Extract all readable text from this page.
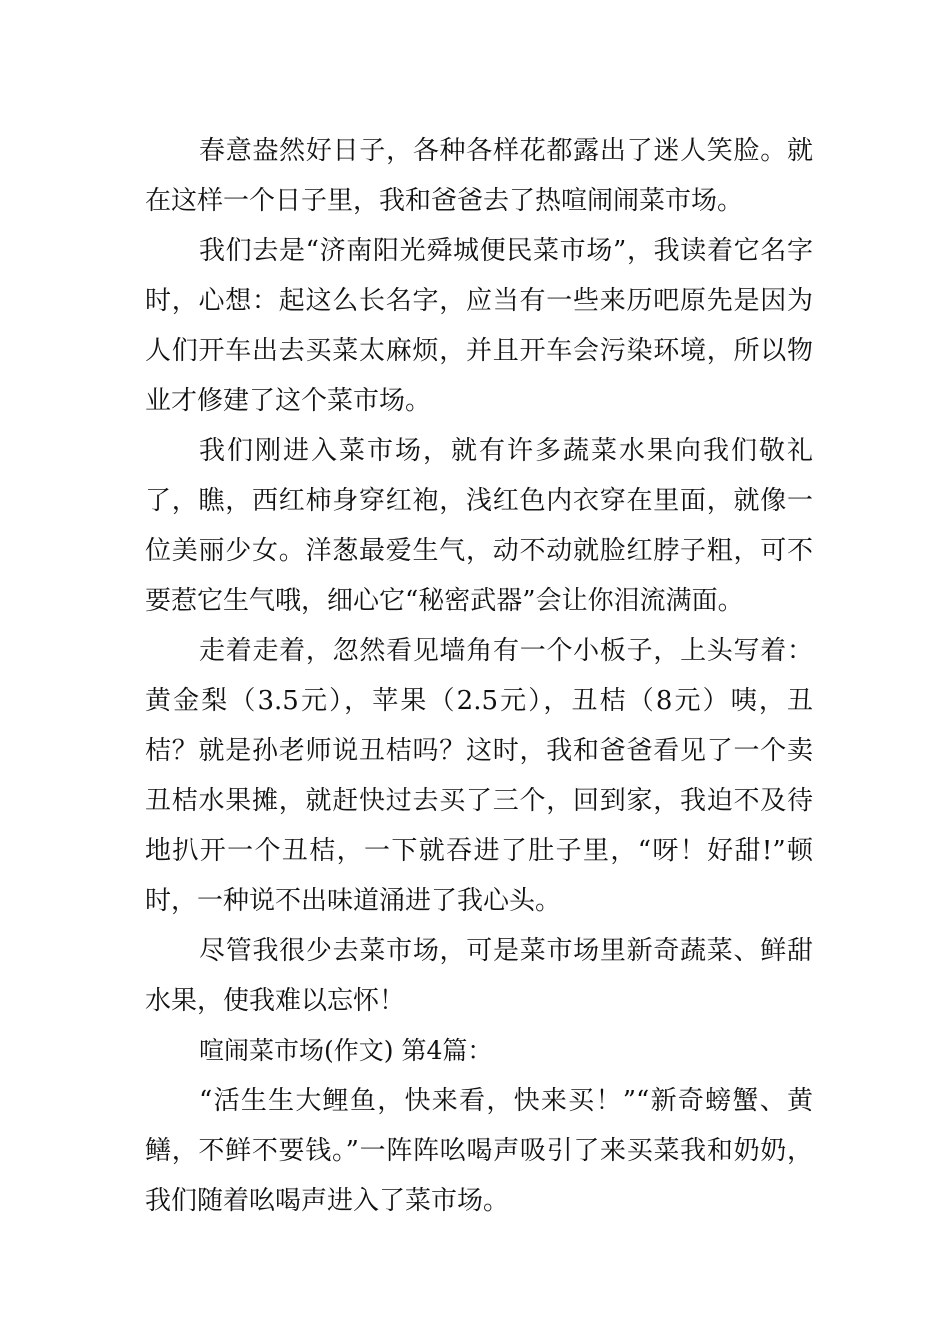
春意盎然好日子，各种各样花都露出了迷人笑脸。就在这样一个日子里，我和爸爸去了热喧闹闹菜市场。

我们去是“济南阳光舜城便民菜市场”，我读着它名字时，心想：起这么长名字，应当有一些来历吧原先是因为人们开车出去买菜太麻烦，并且开车会污染环境，所以物业才修建了这个菜市场。

我们刚进入菜市场，就有许多蔬菜水果向我们敬礼了，瞧，西红柿身穿红袍，浅红色内衣穿在里面，就像一位美丽少女。洋葱最爱生气，动不动就脸红脖子粗，可不要惹它生气哦，细心它“秘密武器”会让你泪流满面。

走着走着，忽然看见墙角有一个小板子，上头写着：黄金梨（3.5元），苹果（2.5元），丑桔（8元）咦，丑桔？就是孙老师说丑桔吗？这时，我和爸爸看见了一个卖丑桔水果摊，就赶快过去买了三个，回到家，我迫不及待地扒开一个丑桔，一下就吞进了肚子里，“呀！好甜!”顿时，一种说不出味道涌进了我心头。

尽管我很少去菜市场，可是菜市场里新奇蔬菜、鲜甜水果，使我难以忘怀！

喧闹菜市场(作文) 第4篇：

“活生生大鲤鱼，快来看，快来买！”“新奇螃蟹、黄鳝，不鲜不要钱。”一阵阵吆喝声吸引了来买菜我和奶奶，我们随着吆喝声进入了菜市场。
